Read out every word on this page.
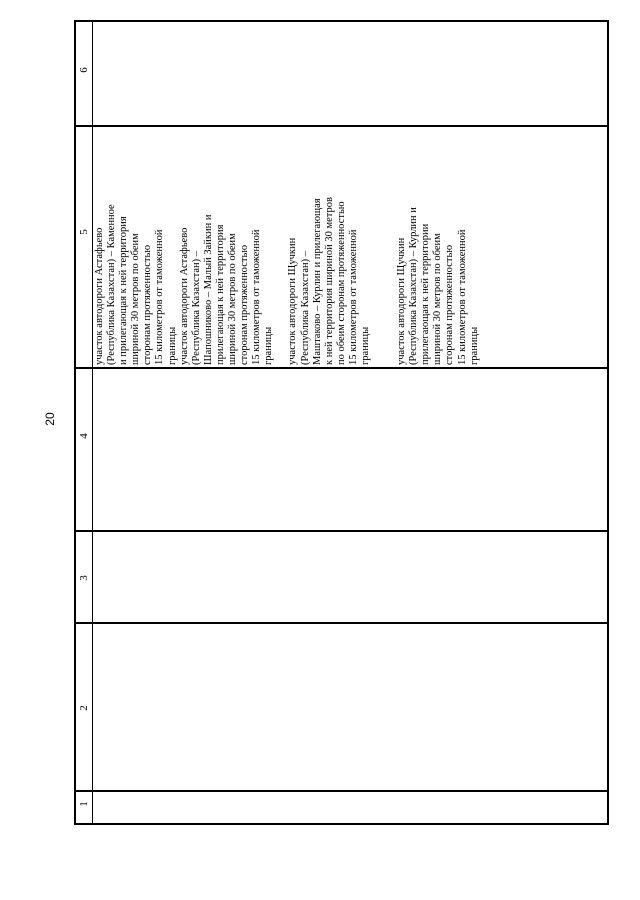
20
6
5
4
3
2
1
участок автодороги Астафьево (Республика Казахстан) – Каменное и прилегающая к ней территория шириной 30 метров по обеим сторонам протяженностью 15 километров от таможенной границы участок автодороги Астафьево (Республика Казахстан) – Шапошниково – Малый Зайкин и прилегающая к ней территория шириной 30 метров по обеим сторонам протяженностью 15 километров от таможенной границы участок автодороги Щучкин (Республика Казахстан) – Маштаково – Курлин и прилегающая к ней территория шириной 30 метров по обеим сторонам протяженностью 15 километров от таможенной границы участок автодороги Щучкин (Республика Казахстан) – Курлин и прилегающая к ней территории шириной 30 метров по обеим сторонам протяженностью 15 километров от таможенной границы
